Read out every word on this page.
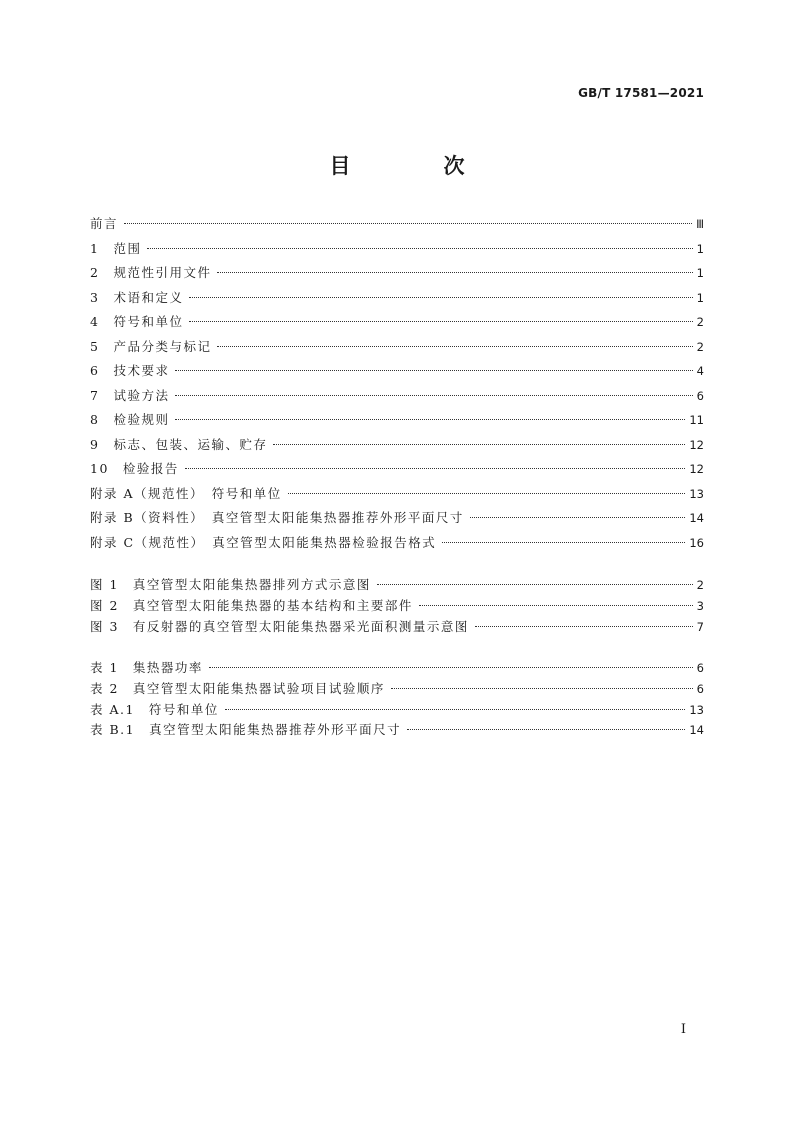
GB/T 17581—2021
目　次
前言	Ⅲ
1　范围	1
2　规范性引用文件	1
3　术语和定义	1
4　符号和单位	2
5　产品分类与标记	2
6　技术要求	4
7　试验方法	6
8　检验规则	11
9　标志、包装、运输、贮存	12
10　检验报告	12
附录 A（规范性）　符号和单位	13
附录 B（资料性）　真空管型太阳能集热器推荐外形平面尺寸	14
附录 C（规范性）　真空管型太阳能集热器检验报告格式	16
图 1　真空管型太阳能集热器排列方式示意图	2
图 2　真空管型太阳能集热器的基本结构和主要部件	3
图 3　有反射器的真空管型太阳能集热器采光面积测量示意图	7
表 1　集热器功率	6
表 2　真空管型太阳能集热器试验项目试验顺序	6
表 A.1　符号和单位	13
表 B.1　真空管型太阳能集热器推荐外形平面尺寸	14
I
